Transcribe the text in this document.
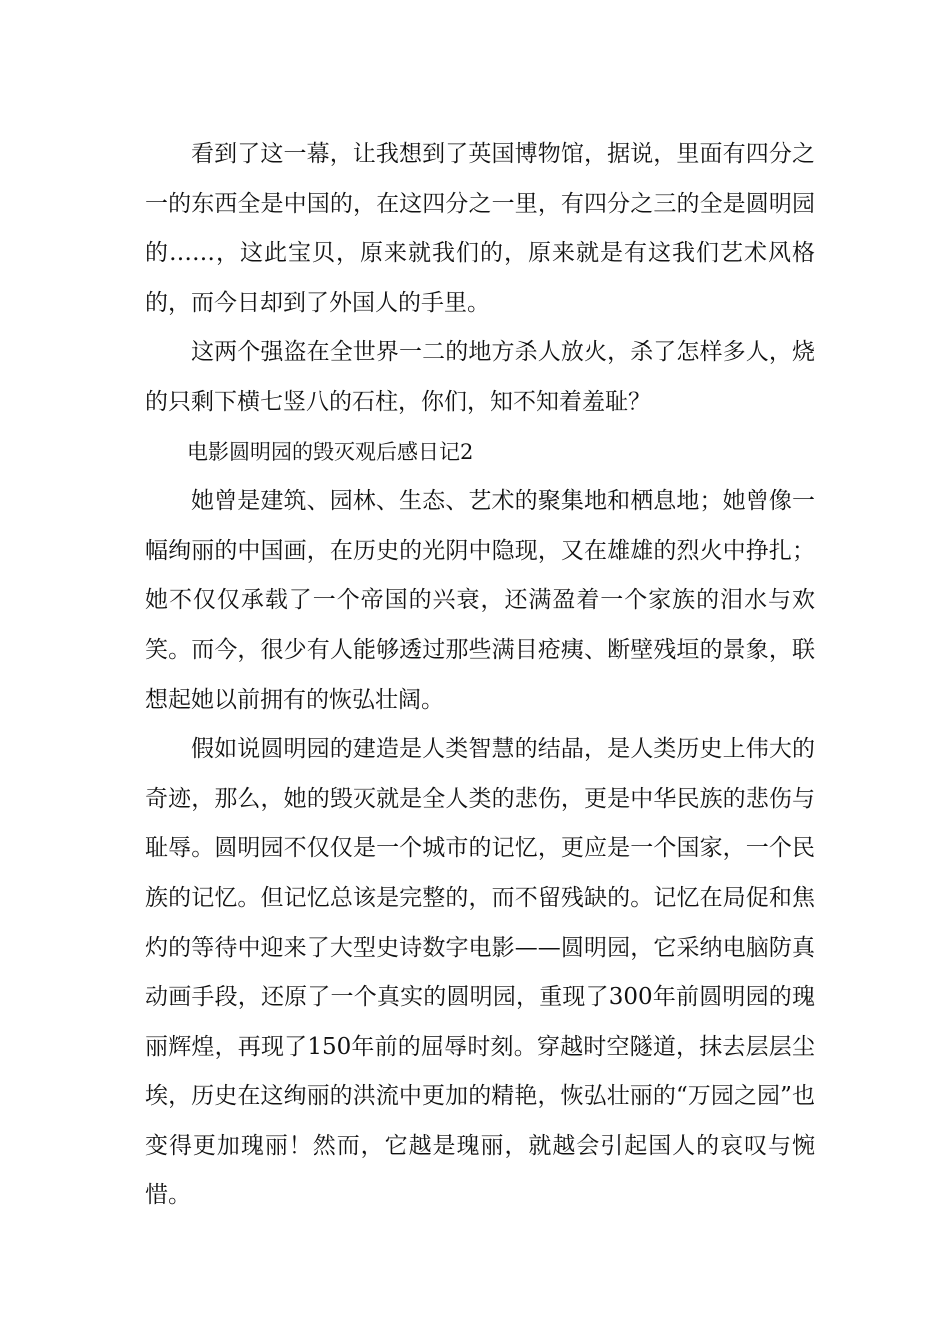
看到了这一幕，让我想到了英国博物馆，据说，里面有四分之一的东西全是中国的，在这四分之一里，有四分之三的全是圆明园的……，这此宝贝，原来就我们的，原来就是有这我们艺术风格的，而今日却到了外国人的手里。

这两个强盗在全世界一二的地方杀人放火，杀了怎样多人，烧的只剩下横七竖八的石柱，你们，知不知着羞耻？

电影圆明园的毁灭观后感日记2

她曾是建筑、园林、生态、艺术的聚集地和栖息地；她曾像一幅绚丽的中国画，在历史的光阴中隐现，又在雄雄的烈火中挣扎；她不仅仅承载了一个帝国的兴衰，还满盈着一个家族的泪水与欢笑。而今，很少有人能够透过那些满目疮痍、断壁残垣的景象，联想起她以前拥有的恢弘壮阔。

假如说圆明园的建造是人类智慧的结晶，是人类历史上伟大的奇迹，那么，她的毁灭就是全人类的悲伤，更是中华民族的悲伤与耻辱。圆明园不仅仅是一个城市的记忆，更应是一个国家，一个民族的记忆。但记忆总该是完整的，而不留残缺的。记忆在局促和焦灼的等待中迎来了大型史诗数字电影——圆明园，它采纳电脑防真动画手段，还原了一个真实的圆明园，重现了300年前圆明园的瑰丽辉煌，再现了150年前的屈辱时刻。穿越时空隧道，抹去层层尘埃，历史在这绚丽的洪流中更加的精艳，恢弘壮丽的“万园之园”也变得更加瑰丽！然而，它越是瑰丽，就越会引起国人的哀叹与惋惜。
